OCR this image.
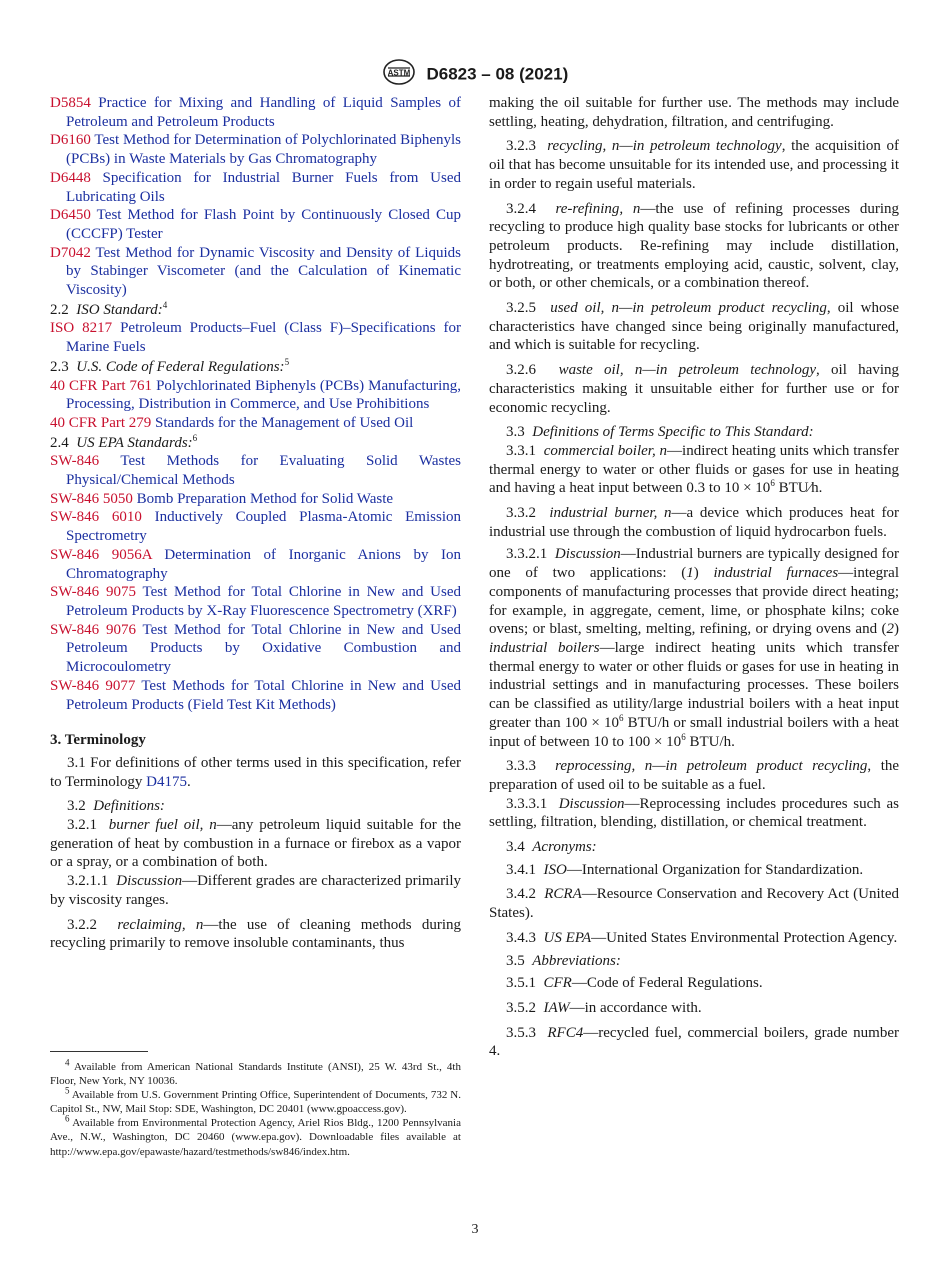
ASTM D6823 – 08 (2021)

D5854 Practice for Mixing and Handling of Liquid Samples of Petroleum and Petroleum Products

D6160 Test Method for Determination of Polychlorinated Biphenyls (PCBs) in Waste Materials by Gas Chromatography

D6448 Specification for Industrial Burner Fuels from Used Lubricating Oils

D6450 Test Method for Flash Point by Continuously Closed Cup (CCCFP) Tester

D7042 Test Method for Dynamic Viscosity and Density of Liquids by Stabinger Viscometer (and the Calculation of Kinematic Viscosity)

2.2 ISO Standard:$^4$

ISO 8217 Petroleum Products–Fuel (Class F)–Specifications for Marine Fuels

2.3 U.S. Code of Federal Regulations:$^5$

40 CFR Part 761 Polychlorinated Biphenyls (PCBs) Manufacturing, Processing, Distribution in Commerce, and Use Prohibitions

40 CFR Part 279 Standards for the Management of Used Oil

2.4 US EPA Standards:$^6$

SW-846 Test Methods for Evaluating Solid Wastes Physical/Chemical Methods

SW-846 5050 Bomb Preparation Method for Solid Waste

SW-846 6010 Inductively Coupled Plasma-Atomic Emission Spectrometry

SW-846 9056A Determination of Inorganic Anions by Ion Chromatography

SW-846 9075 Test Method for Total Chlorine in New and Used Petroleum Products by X-Ray Fluorescence Spectrometry (XRF)

SW-846 9076 Test Method for Total Chlorine in New and Used Petroleum Products by Oxidative Combustion and Microcoulometry

SW-846 9077 Test Methods for Total Chlorine in New and Used Petroleum Products (Field Test Kit Methods)

3. Terminology

3.1 For definitions of other terms used in this specification, refer to Terminology D4175.

3.2 Definitions:

3.2.1 burner fuel oil, n—any petroleum liquid suitable for the generation of heat by combustion in a furnace or firebox as a vapor or a spray, or a combination of both.

3.2.1.1 Discussion—Different grades are characterized primarily by viscosity ranges.

3.2.2 reclaiming, n—the use of cleaning methods during recycling primarily to remove insoluble contaminants, thus

$^4$ Available from American National Standards Institute (ANSI), 25 W. 43rd St., 4th Floor, New York, NY 10036.

$^5$ Available from U.S. Government Printing Office, Superintendent of Documents, 732 N. Capitol St., NW, Mail Stop: SDE, Washington, DC 20401 (www.gpoaccess.gov).

$^6$ Available from Environmental Protection Agency, Ariel Rios Bldg., 1200 Pennsylvania Ave., N.W., Washington, DC 20460 (www.epa.gov). Downloadable files available at http://www.epa.gov/epawaste/hazard/testmethods/sw846/index.htm.

making the oil suitable for further use. The methods may include settling, heating, dehydration, filtration, and centrifuging.

3.2.3 recycling, n—in petroleum technology, the acquisition of oil that has become unsuitable for its intended use, and processing it in order to regain useful materials.

3.2.4 re-refining, n—the use of refining processes during recycling to produce high quality base stocks for lubricants or other petroleum products. Re-refining may include distillation, hydrotreating, or treatments employing acid, caustic, solvent, clay, or both, or other chemicals, or a combination thereof.

3.2.5 used oil, n—in petroleum product recycling, oil whose characteristics have changed since being originally manufactured, and which is suitable for recycling.

3.2.6 waste oil, n—in petroleum technology, oil having characteristics making it unsuitable either for further use or for economic recycling.

3.3 Definitions of Terms Specific to This Standard:

3.3.1 commercial boiler, n—indirect heating units which transfer thermal energy to water or other fluids or gases for use in heating and having a heat input between 0.3 to $10 \times 10^6$ BTU⁄h.

3.3.2 industrial burner, n—a device which produces heat for industrial use through the combustion of liquid hydrocarbon fuels.

3.3.2.1 Discussion—Industrial burners are typically designed for one of two applications: (1) industrial furnaces—integral components of manufacturing processes that provide direct heating; for example, in aggregate, cement, lime, or phosphate kilns; coke ovens; or blast, smelting, melting, refining, or drying ovens and (2) industrial boilers—large indirect heating units which transfer thermal energy to water or other fluids or gases for use in heating in industrial settings and in manufacturing processes. These boilers can be classified as utility/large industrial boilers with a heat input greater than $100 \times 10^6$ BTU/h or small industrial boilers with a heat input of between 10 to $100 \times 10^6$ BTU/h.

3.3.3 reprocessing, n—in petroleum product recycling, the preparation of used oil to be suitable as a fuel.

3.3.3.1 Discussion—Reprocessing includes procedures such as settling, filtration, blending, distillation, or chemical treatment.

3.4 Acronyms:

3.4.1 ISO—International Organization for Standardization.

3.4.2 RCRA—Resource Conservation and Recovery Act (United States).

3.4.3 US EPA—United States Environmental Protection Agency.

3.5 Abbreviations:

3.5.1 CFR—Code of Federal Regulations.

3.5.2 IAW—in accordance with.

3.5.3 RFC4—recycled fuel, commercial boilers, grade number 4.

3
